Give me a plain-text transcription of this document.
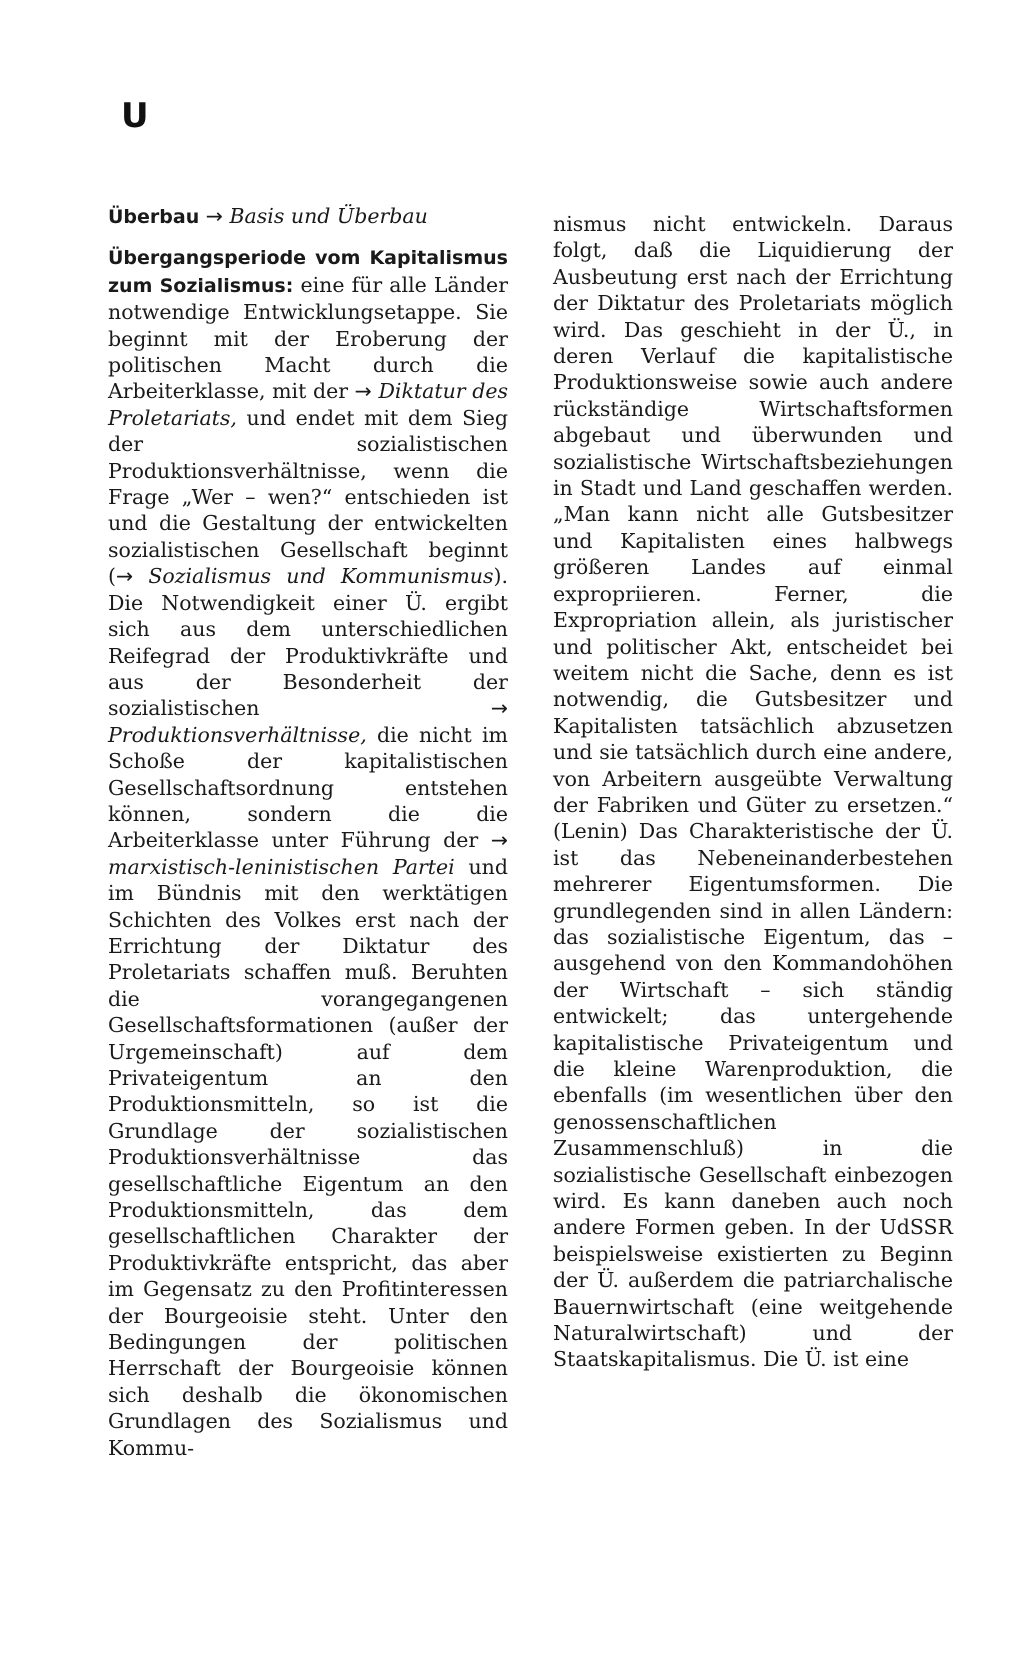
U

Überbau → Basis und Überbau

Übergangsperiode vom Kapitalismus zum Sozialismus: eine für alle Länder notwendige Entwicklungsetappe. Sie beginnt mit der Eroberung der politischen Macht durch die Arbeiterklasse, mit der → Diktatur des Proletariats, und endet mit dem Sieg der sozialistischen Produktionsverhältnisse, wenn die Frage „Wer – wen?“ entschieden ist und die Gestaltung der entwickelten sozialistischen Gesellschaft beginnt (→ Sozialismus und Kommunismus). Die Notwendigkeit einer Ü. ergibt sich aus dem unterschiedlichen Reifegrad der Produktivkräfte und aus der Besonderheit der sozialistischen → Produktionsverhältnisse, die nicht im Schoße der kapitalistischen Gesellschaftsordnung entstehen können, sondern die die Arbeiterklasse unter Führung der → marxistisch-leninistischen Partei und im Bündnis mit den werktätigen Schichten des Volkes erst nach der Errichtung der Diktatur des Proletariats schaffen muß. Beruhten die vorangegangenen Gesellschaftsformationen (außer der Urgemeinschaft) auf dem Privateigentum an den Produktionsmitteln, so ist die Grundlage der sozialistischen Produktionsverhältnisse das gesellschaftliche Eigentum an den Produktionsmitteln, das dem gesellschaftlichen Charakter der Produktivkräfte entspricht, das aber im Gegensatz zu den Profitinteressen der Bourgeoisie steht. Unter den Bedingungen der politischen Herrschaft der Bourgeoisie können sich deshalb die ökonomischen Grundlagen des Sozialismus und Kommu-

nismus nicht entwickeln. Daraus folgt, daß die Liquidierung der Ausbeutung erst nach der Errichtung der Diktatur des Proletariats möglich wird. Das geschieht in der Ü., in deren Verlauf die kapitalistische Produktionsweise sowie auch andere rückständige Wirtschaftsformen abgebaut und überwunden und sozialistische Wirtschaftsbeziehungen in Stadt und Land geschaffen werden. „Man kann nicht alle Gutsbesitzer und Kapitalisten eines halbwegs größeren Landes auf einmal expropriieren. Ferner, die Expropriation allein, als juristischer und politischer Akt, entscheidet bei weitem nicht die Sache, denn es ist notwendig, die Gutsbesitzer und Kapitalisten tatsächlich abzusetzen und sie tatsächlich durch eine andere, von Arbeitern ausgeübte Verwaltung der Fabriken und Güter zu ersetzen.“ (Lenin) Das Charakteristische der Ü. ist das Nebeneinanderbestehen mehrerer Eigentumsformen. Die grundlegenden sind in allen Ländern: das sozialistische Eigentum, das – ausgehend von den Kommandohöhen der Wirtschaft – sich ständig entwickelt; das untergehende kapitalistische Privateigentum und die kleine Warenproduktion, die ebenfalls (im wesentlichen über den genossenschaftlichen Zusammenschluß) in die sozialistische Gesellschaft einbezogen wird. Es kann daneben auch noch andere Formen geben. In der UdSSR beispielsweise existierten zu Beginn der Ü. außerdem die patriarchalische Bauernwirtschaft (eine weitgehende Naturalwirtschaft) und der Staatskapitalismus. Die Ü. ist eine
